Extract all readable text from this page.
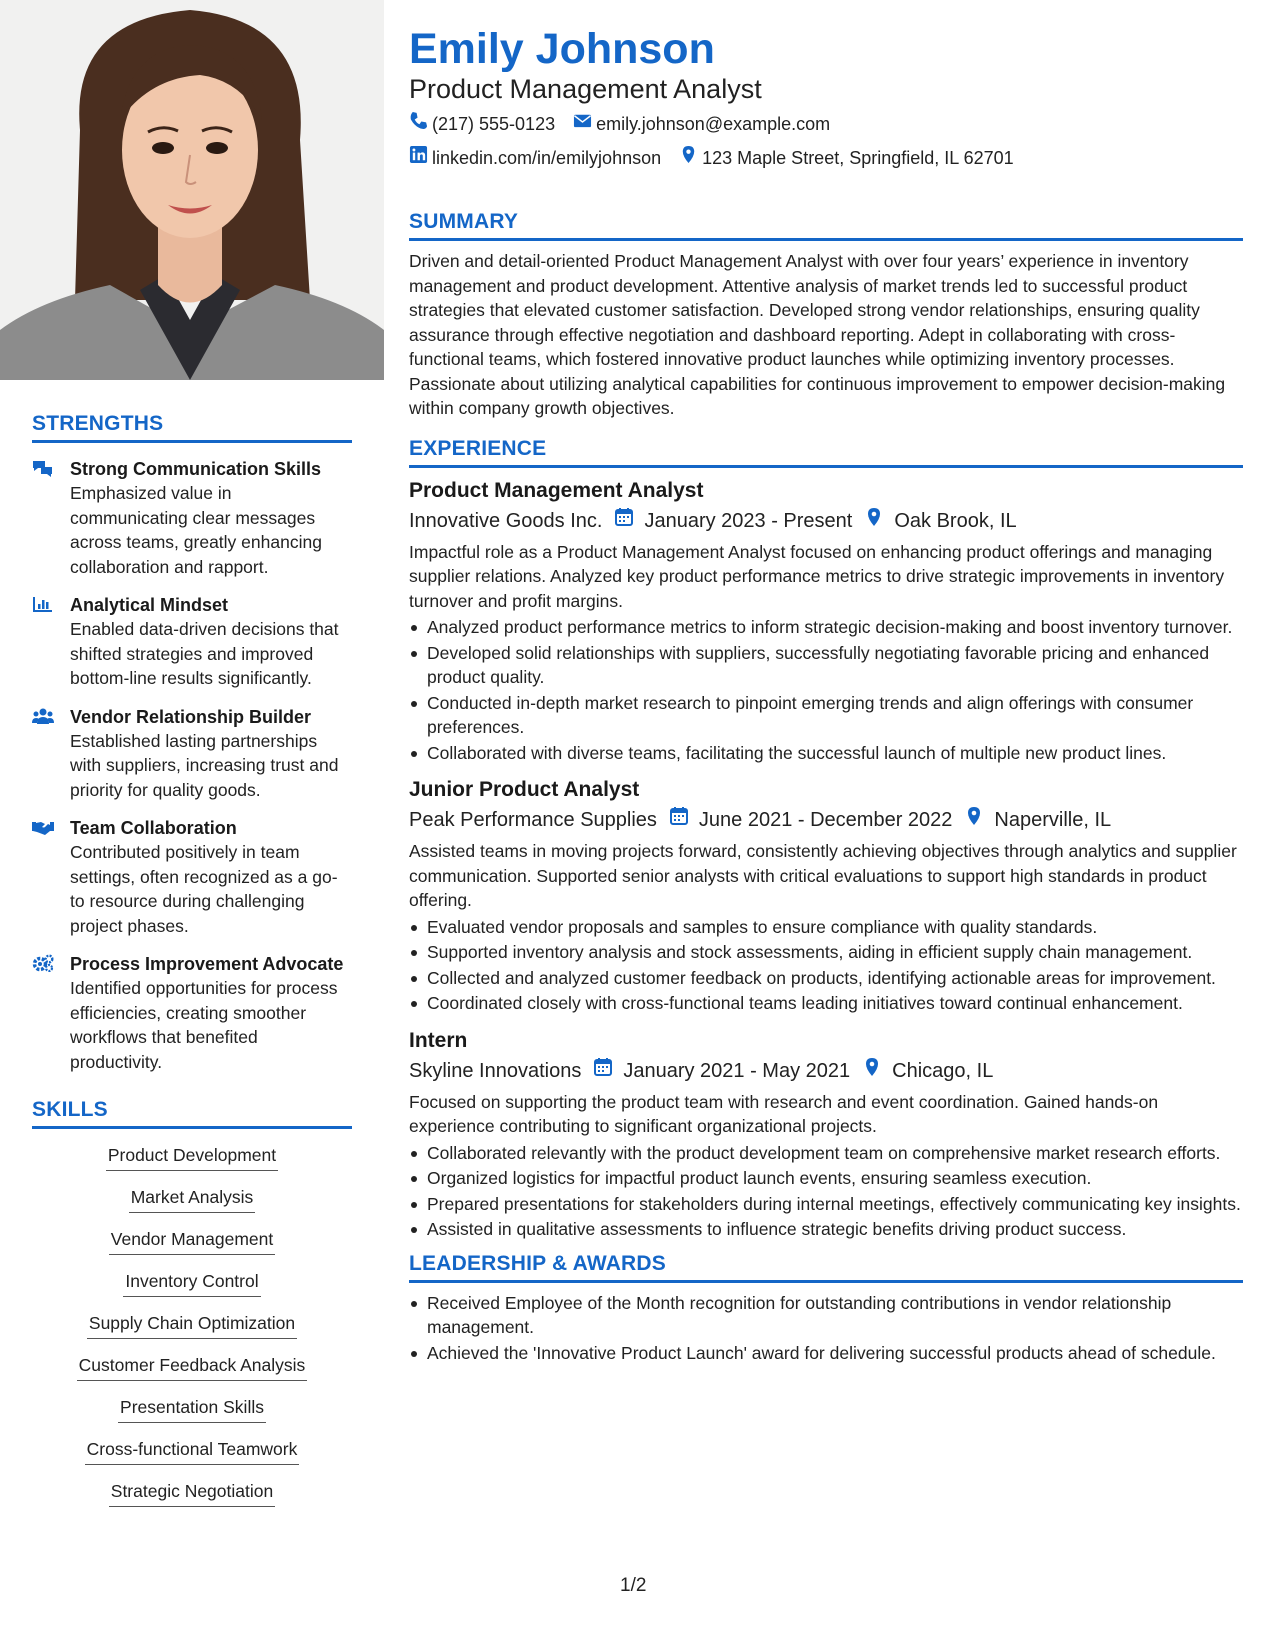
STRENGTHS
Strong Communication Skills
Emphasized value in communicating clear messages across teams, greatly enhancing collaboration and rapport.
Analytical Mindset
Enabled data-driven decisions that shifted strategies and improved bottom-line results significantly.
Vendor Relationship Builder
Established lasting partnerships with suppliers, increasing trust and priority for quality goods.
Team Collaboration
Contributed positively in team settings, often recognized as a go-to resource during challenging project phases.
Process Improvement Advocate
Identified opportunities for process efficiencies, creating smoother workflows that benefited productivity.
SKILLS
Product Development
Market Analysis
Vendor Management
Inventory Control
Supply Chain Optimization
Customer Feedback Analysis
Presentation Skills
Cross-functional Teamwork
Strategic Negotiation
Emily Johnson
Product Management Analyst
(217) 555-0123 emily.johnson@example.com
linkedin.com/in/emilyjohnson 123 Maple Street, Springfield, IL 62701
SUMMARY
Driven and detail-oriented Product Management Analyst with over four years’ experience in inventory management and product development. Attentive analysis of market trends led to successful product strategies that elevated customer satisfaction. Developed strong vendor relationships, ensuring quality assurance through effective negotiation and dashboard reporting. Adept in collaborating with cross-functional teams, which fostered innovative product launches while optimizing inventory processes. Passionate about utilizing analytical capabilities for continuous improvement to empower decision-making within company growth objectives.
EXPERIENCE
Product Management Analyst
Innovative Goods Inc. January 2023 - Present Oak Brook, IL
Impactful role as a Product Management Analyst focused on enhancing product offerings and managing supplier relations. Analyzed key product performance metrics to drive strategic improvements in inventory turnover and profit margins.
Analyzed product performance metrics to inform strategic decision-making and boost inventory turnover.
Developed solid relationships with suppliers, successfully negotiating favorable pricing and enhanced product quality.
Conducted in-depth market research to pinpoint emerging trends and align offerings with consumer preferences.
Collaborated with diverse teams, facilitating the successful launch of multiple new product lines.
Junior Product Analyst
Peak Performance Supplies June 2021 - December 2022 Naperville, IL
Assisted teams in moving projects forward, consistently achieving objectives through analytics and supplier communication. Supported senior analysts with critical evaluations to support high standards in product offering.
Evaluated vendor proposals and samples to ensure compliance with quality standards.
Supported inventory analysis and stock assessments, aiding in efficient supply chain management.
Collected and analyzed customer feedback on products, identifying actionable areas for improvement.
Coordinated closely with cross-functional teams leading initiatives toward continual enhancement.
Intern
Skyline Innovations January 2021 - May 2021 Chicago, IL
Focused on supporting the product team with research and event coordination. Gained hands-on experience contributing to significant organizational projects.
Collaborated relevantly with the product development team on comprehensive market research efforts.
Organized logistics for impactful product launch events, ensuring seamless execution.
Prepared presentations for stakeholders during internal meetings, effectively communicating key insights.
Assisted in qualitative assessments to influence strategic benefits driving product success.
LEADERSHIP & AWARDS
Received Employee of the Month recognition for outstanding contributions in vendor relationship management.
Achieved the 'Innovative Product Launch' award for delivering successful products ahead of schedule.
1/2
